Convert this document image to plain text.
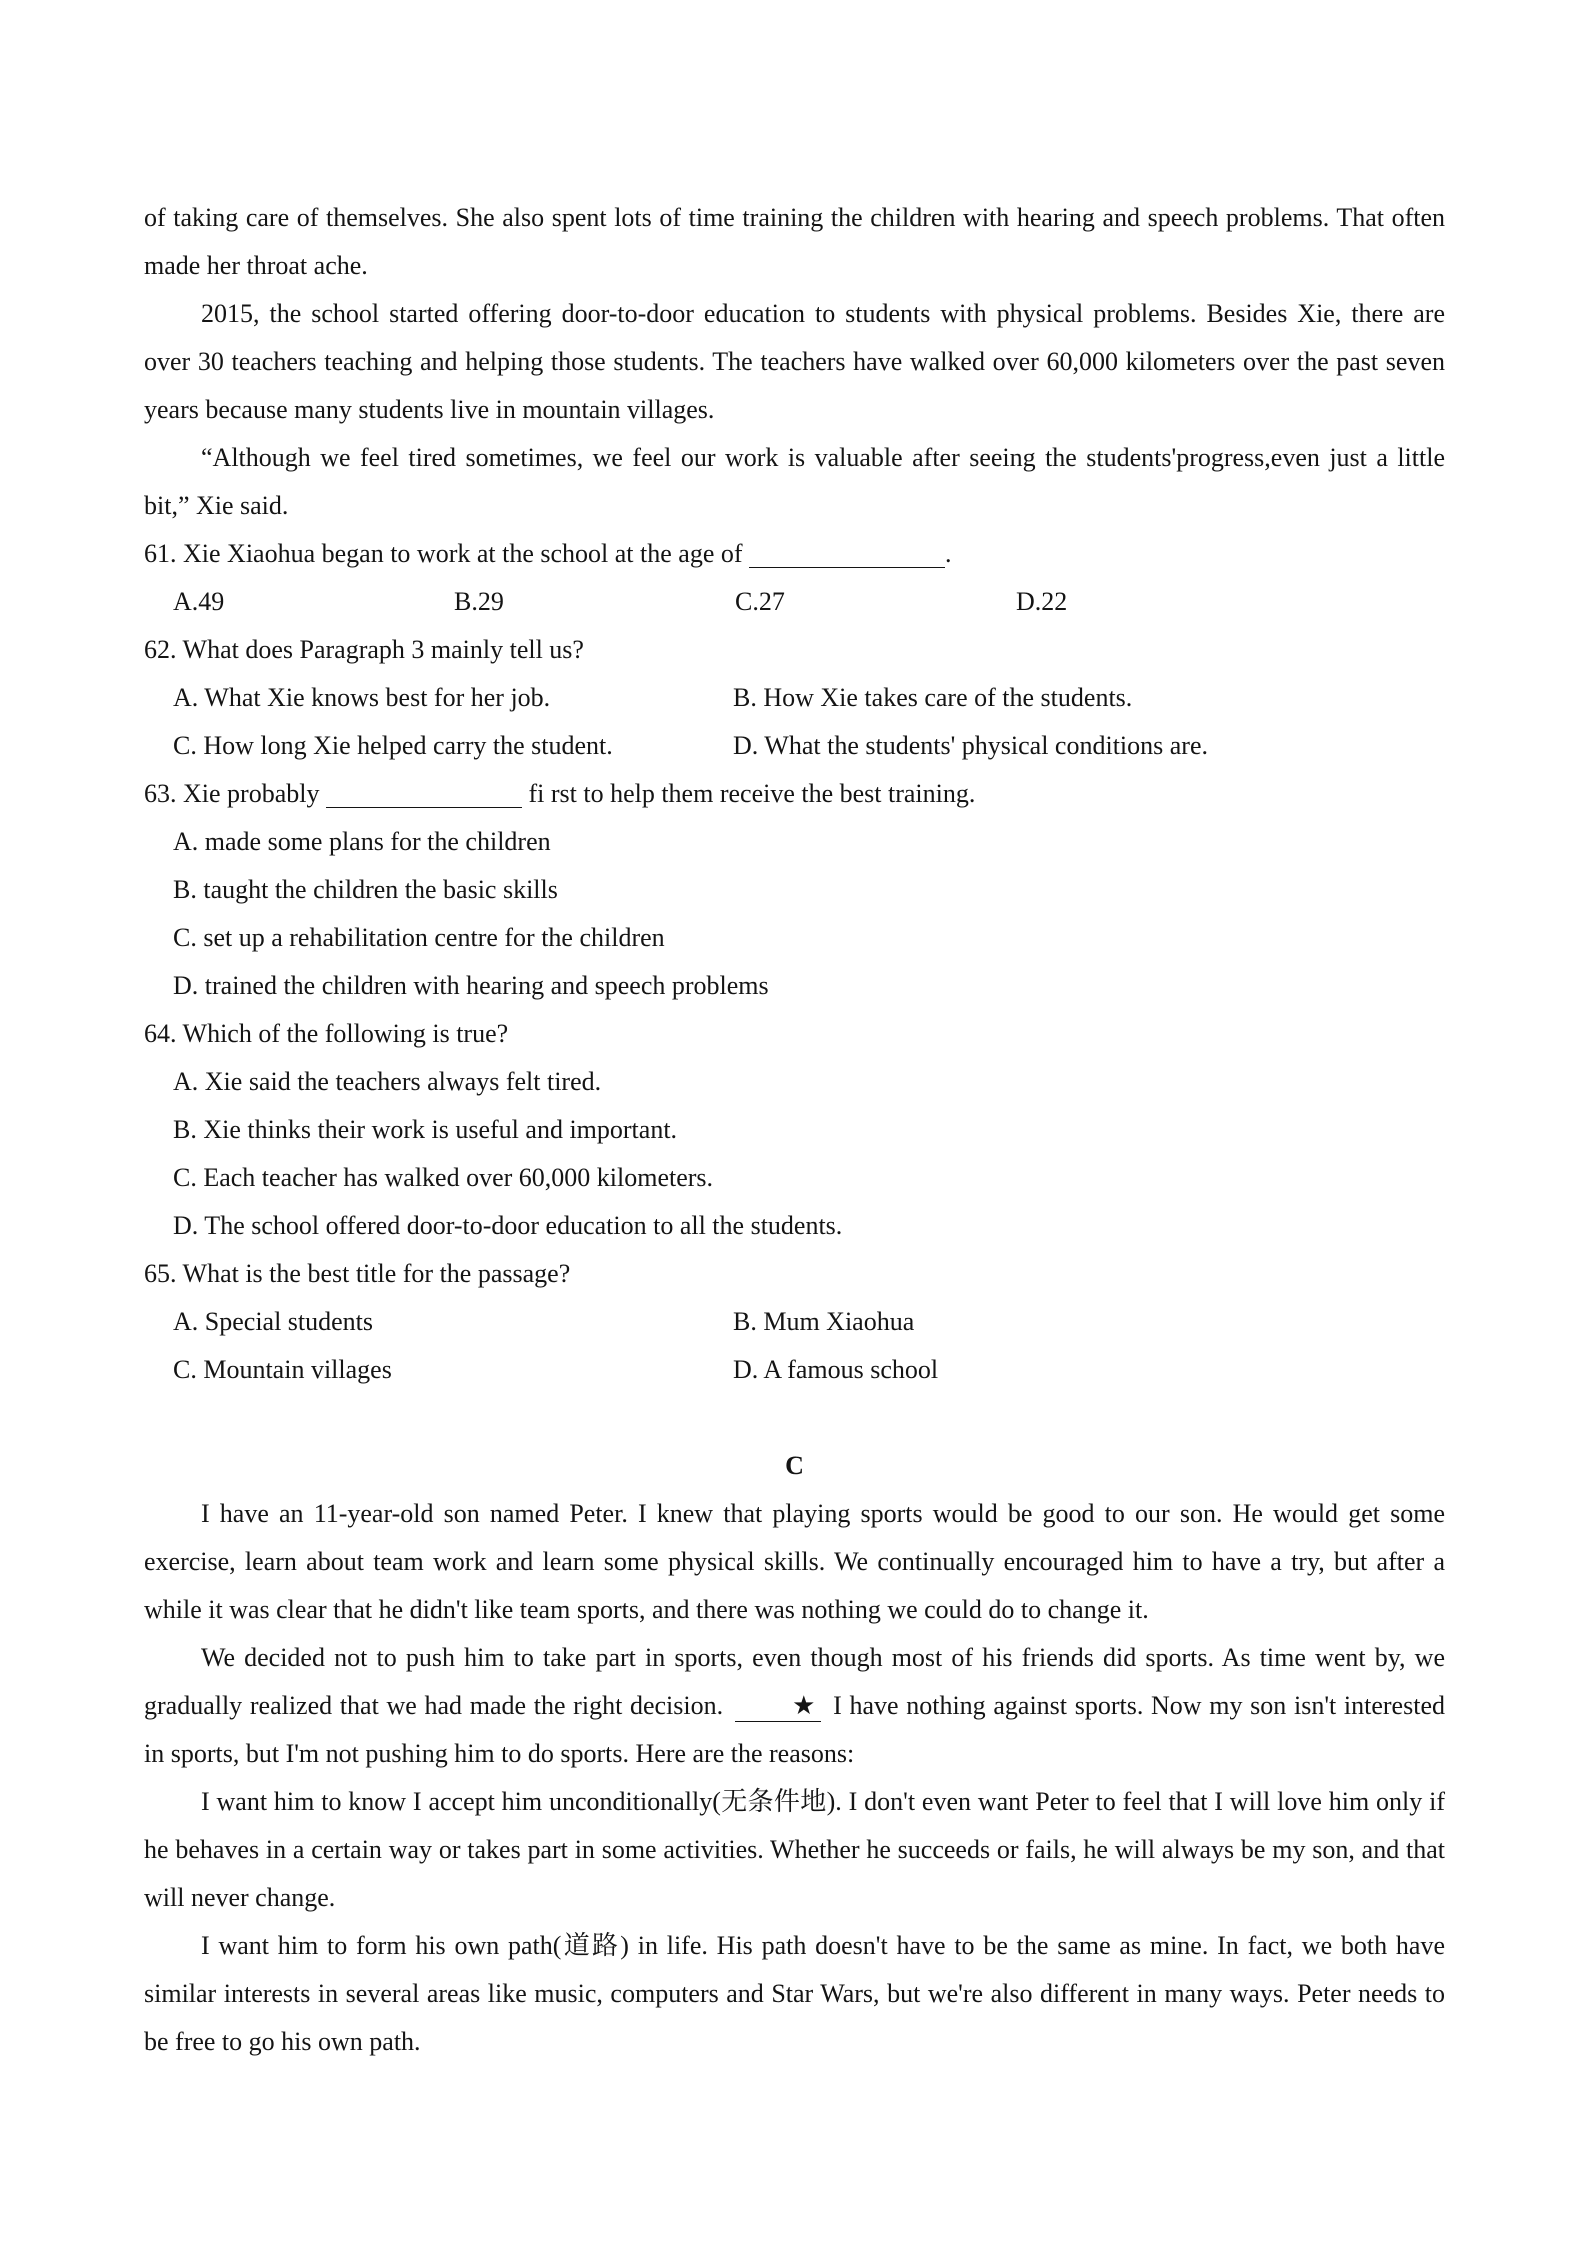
of taking care of themselves. She also spent lots of time training the children with hearing and speech problems. That often made her throat ache.

2015, the school started offering door-to-door education to students with physical problems. Besides Xie, there are over 30 teachers teaching and helping those students. The teachers have walked over 60,000 kilometers over the past seven years because many students live in mountain villages.

“Although we feel tired sometimes, we feel our work is valuable after seeing the students'progress,even just a little bit,” Xie said.

61. Xie Xiaohua began to work at the school at the age of	.
A.49	B.29	C.27	D.22
62. What does Paragraph 3 mainly tell us?
A. What Xie knows best for her job.	B. How Xie takes care of the students.
C. How long Xie helped carry the student.	D. What the students' physical conditions are.
63. Xie probably	fi rst to help them receive the best training.
A. made some plans for the children
B. taught the children the basic skills
C. set up a rehabilitation centre for the children
D. trained the children with hearing and speech problems
64. Which of the following is true?
A. Xie said the teachers always felt tired.
B. Xie thinks their work is useful and important.
C. Each teacher has walked over 60,000 kilometers.
D. The school offered door-to-door education to all the students.
65. What is the best title for the passage?
A. Special students	B. Mum Xiaohua
C. Mountain villages	D. A famous school
C

I have an 11-year-old son named Peter. I knew that playing sports would be good to our son. He would get some exercise, learn about team work and learn some physical skills. We continually encouraged him to have a try, but after a while it was clear that he didn't like team sports, and there was nothing we could do to change it.

We decided not to push him to take part in sports, even though most of his friends did sports. As time went by, we gradually realized that we had made the right decision.	★ I have nothing against sports. Now my son isn't interested in sports, but I'm not pushing him to do sports. Here are the reasons:

I want him to know I accept him unconditionally(无条件地). I don't even want Peter to feel that I will love him only if he behaves in a certain way or takes part in some activities. Whether he succeeds or fails, he will always be my son, and that will never change.

I want him to form his own path(道路) in life. His path doesn't have to be the same as mine. In fact, we both have similar interests in several areas like music, computers and Star Wars, but we're also different in many ways. Peter needs to be free to go his own path.
